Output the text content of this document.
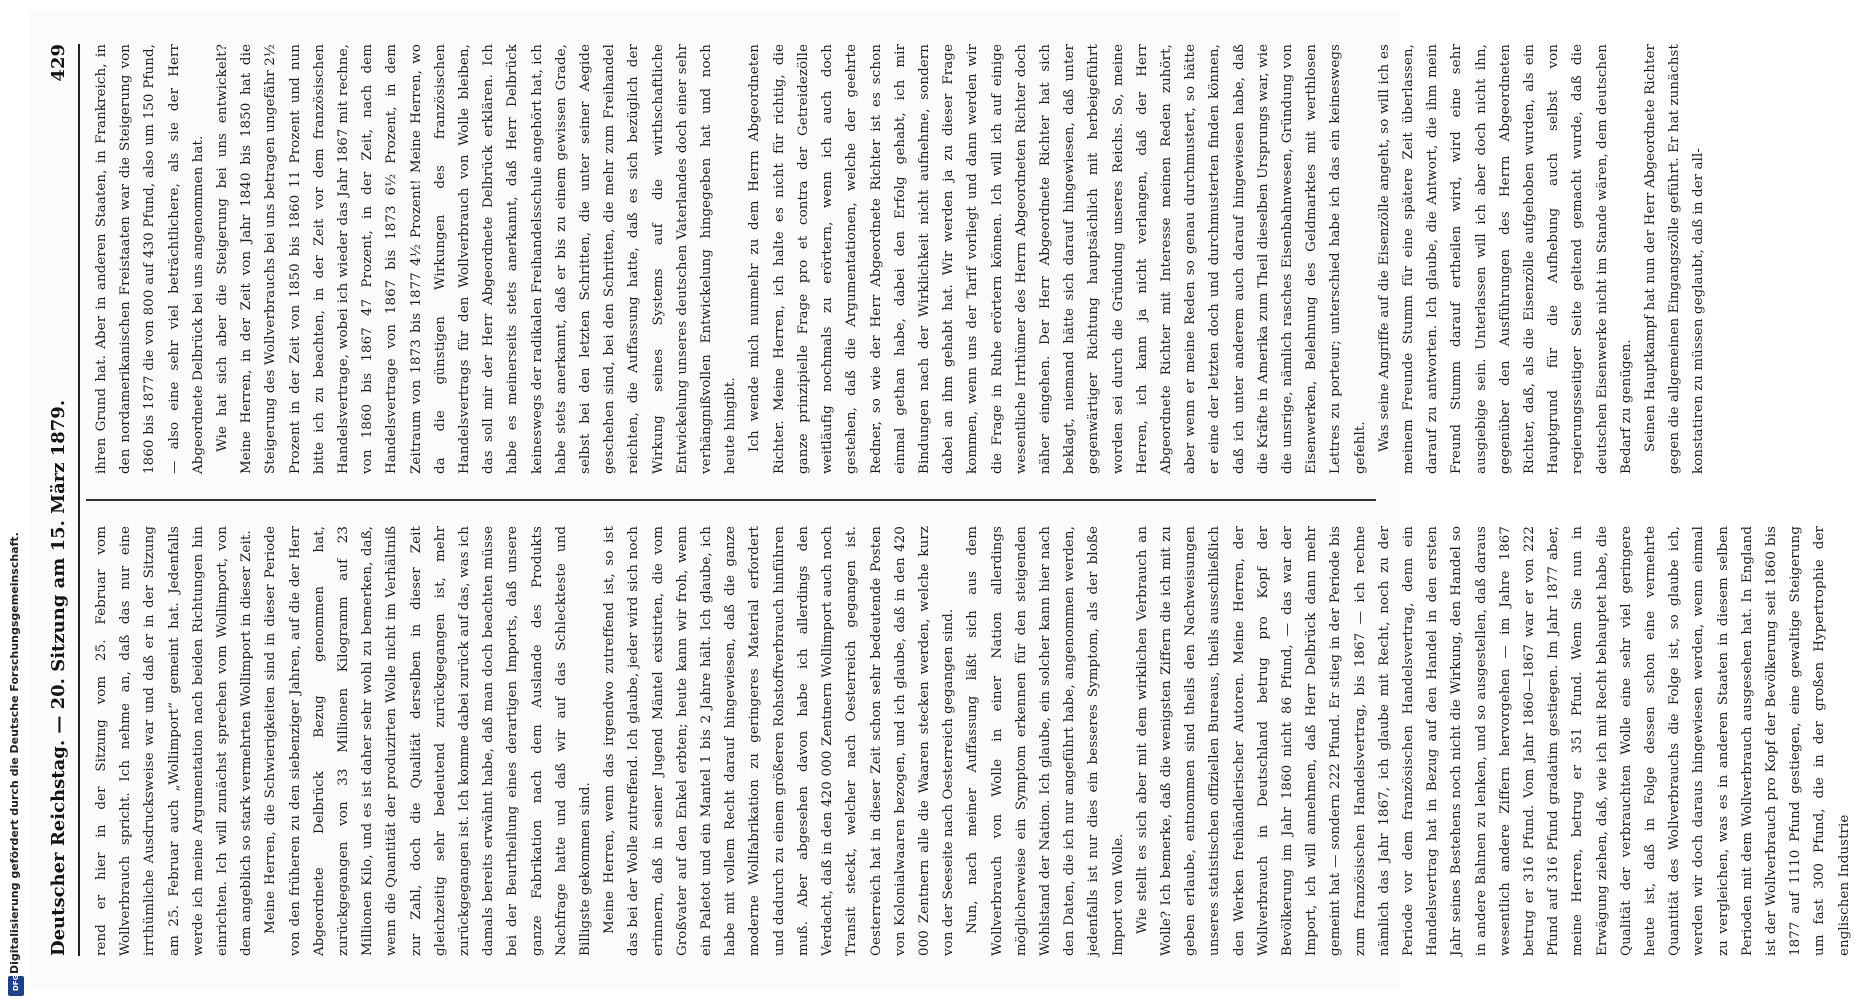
Deutscher Reichstag. — 20. Sitzung am 15. März 1879.
429

rend er hier in der Sitzung vom 25. Februar vom Wollverbrauch spricht. Ich nehme an, daß das nur eine irrthümliche Ausdrucksweise war und daß er in der Sitzung am 25. Februar auch „Wollimport“ gemeint hat. Jedenfalls werde ich meine Argumentation nach beiden Richtungen hin einrichten. Ich will zunächst sprechen vom Wollimport, von dem angeblich so stark vermehrten Wollimport in dieser Zeit. Meine Herren, die Schwierigkeiten sind in dieser Periode von den früheren zu den siebenziger Jahren, auf die der Herr Abgeordnete Delbrück Bezug genommen hat, zurückgegangen von 33 Millionen Kilogramm auf 23 Millionen Kilo, und es ist daher sehr wohl zu bemerken, daß, wenn die Quantität der produzirten Wolle nicht im Verhältniß zur Zahl, doch die Qualität derselben in dieser Zeit gleichzeitig sehr bedeutend zurückgegangen ist, mehr zurückgegangen ist. Ich komme dabei zurück auf das, was ich damals bereits erwähnt habe, daß man doch beachten müsse bei der Beurtheilung eines derartigen Imports, daß unsere ganze Fabrikation nach dem Auslande des Produkts Nachfrage hatte und daß wir auf das Schleckteste und Billigste gekommen sind. Meine Herren, wenn das irgendwo zutreffend ist, so ist das bei der Wolle zutreffend. Ich glaube, jeder wird sich noch erinnern, daß in seiner Jugend Mäntel existirten, die vom Großvater auf den Enkel erbten; heute kann wir froh, wenn ein Paletot und ein Mantel 1 bis 2 Jahre hält. Ich glaube, ich habe mit vollem Recht darauf hingewiesen, daß die ganze moderne Wollfabrikation zu geringeres Material erfordert und dadurch zu einem größeren Rohstoffverbrauch hinführen muß. Aber abgesehen davon habe ich allerdings den Verdacht, daß in den 420 000 Zentnern Wollimport auch noch Transit steckt, welcher nach Oesterreich gegangen ist. Oesterreich hat in dieser Zeit schon sehr bedeutende Posten von Kolonialwaaren bezogen, und ich glaube, daß in den 420 000 Zentnern alle die Waaren stecken werden, welche kurz von der Seeseite nach Oesterreich gegangen sind. Nun, nach meiner Auffassung läßt sich aus dem Wollverbrauch von Wolle in einer Nation allerdings möglicherweise ein Symptom erkennen für den steigenden Wohlstand der Nation. Ich glaube, ein solcher kann hier nach den Daten, die ich nur angeführt habe, angenommen werden, jedenfalls ist nur dies ein besseres Symptom, als der bloße Import von Wolle. Wie stellt es sich aber mit dem wirklichen Verbrauch an Wolle? Ich bemerke, daß die wenigsten Ziffern die ich mit zu geben erlaube, entnommen sind theils den Nachweisungen unseres statistischen offiziellen Bureaus, theils ausschließlich den Werken freihändlerischer Autoren. Meine Herren, der Wollverbrauch in Deutschland betrug pro Kopf der Bevölkerung im Jahr 1860 nicht 86 Pfund, — das war der Import, ich will annehmen, daß Herr Delbrück dann mehr gemeint hat — sondern 222 Pfund. Er stieg in der Periode bis zum französischen Handelsvertrag, bis 1867 — ich rechne nämlich das Jahr 1867, ich glaube mit Recht, noch zu der Periode vor dem französischen Handelsvertrag, denn ein Handelsvertrag hat in Bezug auf den Handel in den ersten Jahr seines Bestehens noch nicht die Wirkung, den Handel so in andere Bahnen zu lenken, und so ausgestellen, daß daraus wesentlich andere Ziffern hervorgehen — im Jahre 1867 betrug er 316 Pfund. Vom Jahr 1860—1867 war er von 222 Pfund auf 316 Pfund gradatim gestiegen. Im Jahr 1877 aber, meine Herren, betrug er 351 Pfund. Wenn Sie nun in Erwägung ziehen, daß, wie ich mit Recht behauptet habe, die Qualität der verbrauchten Wolle eine sehr viel geringere heute ist, daß in Folge dessen schon eine vermehrte Quantität des Wollverbrauchs die Folge ist, so glaube ich, werden wir doch daraus hingewiesen werden, wenn einmal zu vergleichen, was es in anderen Staaten in diesem selben Perioden mit dem Wollverbrauch ausgesehen hat. In England ist der Wollverbrauch pro Kopf der Bevölkerung seit 1860 bis 1877 auf 1110 Pfund gestiegen, eine gewaltige Steigerung um fast 300 Pfund, die in der großen Hypertrophie der englischen Industrie

ihren Grund hat. Aber in anderen Staaten, in Frankreich, in den nordamerikanischen Freistaaten war die Steigerung von 1860 bis 1877 die von 800 auf 430 Pfund, also um 150 Pfund, — also eine sehr viel beträchtlichere, als sie der Herr Abgeordnete Delbrück bei uns angenommen hat. Wie hat sich aber die Steigerung bei uns entwickelt? Meine Herren, in der Zeit von Jahr 1840 bis 1850 hat die Steigerung des Wollverbrauchs bei uns betragen ungefähr 2½ Prozent in der Zeit von 1850 bis 1860 11 Prozent und nun bitte ich zu beachten, in der Zeit vor dem französischen Handelsvertrage, wobei ich wieder das Jahr 1867 mit rechne, von 1860 bis 1867 47 Prozent, in der Zeit, nach dem Handelsvertrage von 1867 bis 1873 6½ Prozent, in dem Zeitraum von 1873 bis 1877 4½ Prozent! Meine Herren, wo da die günstigen Wirkungen des französischen Handelsvertrags für den Wollverbrauch von Wolle bleiben, das soll mir der Herr Abgeordnete Delbrück erklären. Ich habe es meinerseits stets anerkannt, daß Herr Delbrück keineswegs der radikalen Freihandelsschule angehört hat, ich habe stets anerkannt, daß er bis zu einem gewissen Grade, selbst bei den letzten Schritten, die unter seiner Aegide geschehen sind, bei den Schritten, die mehr zum Freihandel reichten, die Auffassung hatte, daß es sich bezüglich der Wirkung seines Systems auf die wirthschaftliche Entwickelung unseres deutschen Vaterlandes doch einer sehr verhängnißvollen Entwickelung hingegeben hat und noch heute hingibt. Ich wende mich nunmehr zu dem Herrn Abgeordneten Richter. Meine Herren, ich halte es nicht für richtig, die ganze prinzipielle Frage pro et contra der Getreidezölle weitläufig nochmals zu erörtern, wenn ich auch doch gestehen, daß die Argumentationen, welche der geehrte Redner, so wie der Herr Abgeordnete Richter ist es schon einmal gethan habe, dabei den Erfolg gehabt, ich mir Bindungen nach der Wirklichkeit nicht aufnehme, sondern dabei an ihm gehabt hat. Wir werden ja zu dieser Frage kommen, wenn uns der Tarif vorliegt und dann werden wir die Frage in Ruhe erörtern können. Ich will ich auf einige wesentliche Irrthümer des Herrn Abgeordneten Richter doch näher eingehen. Der Herr Abgeordnete Richter hat sich beklagt, niemand hätte sich darauf hingewiesen, daß unter gegenwärtiger Richtung hauptsächlich mit herbeigeführt worden sei durch die Gründung unseres Reichs. So, meine Herren, ich kann ja nicht verlangen, daß der Herr Abgeordnete Richter mit Interesse meinen Reden zuhört, aber wenn er meine Reden so genau durchmustert, so hätte er eine der letzten doch und durchmusterten finden können, daß ich unter anderem auch darauf hingewiesen habe, daß die Kräfte in Amerika zum Theil dieselben Ursprungs war, wie die unsrige, nämlich rasches Eisenbahnwesen, Gründung von Eisenwerken, Belehnung des Geldmarktes mit werthlosen Lettres zu porteur; unterschied habe ich das ein keineswegs gefehlt. Was seine Angriffe auf die Eisenzölle angeht, so will ich es meinem Freunde Stumm für eine spätere Zeit überlassen, darauf zu antworten. Ich glaube, die Antwort, die ihm mein Freund Stumm darauf ertheilen wird, wird eine sehr ausgiebige sein. Unterlassen will ich aber doch nicht ihn, gegenüber den Ausführungen des Herrn Abgeordneten Richter, daß, als die Eisenzölle aufgehoben wurden, als ein Hauptgrund für die Aufhebung auch selbst von regierungsseitiger Seite geltend gemacht wurde, daß die deutschen Eisenwerke nicht im Stande wären, dem deutschen Bedarf zu genügen. Seinen Hauptkampf hat nun der Herr Abgeordnete Richter gegen die allgemeinen Eingangszölle geführt. Er hat zunächst konstatiren zu müssen geglaubt, daß in der all-

Digitalisierung gefördert durch die Deutsche Forschungsgemeinschaft.
DFG
